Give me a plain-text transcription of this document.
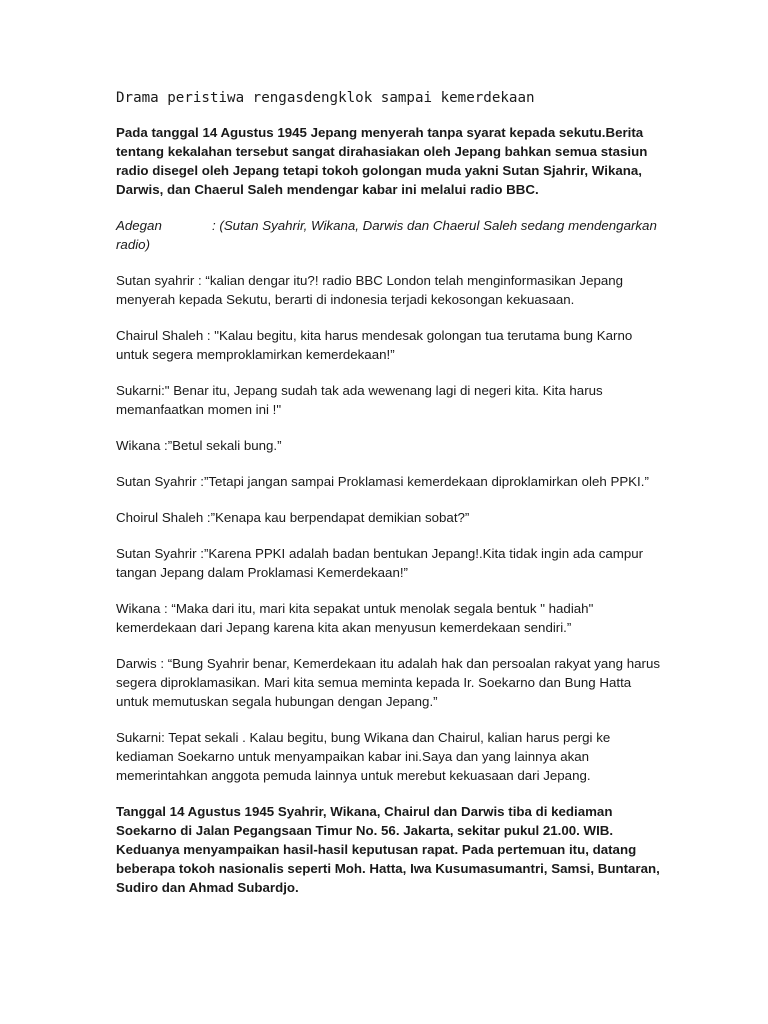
Drama peristiwa rengasdengklok sampai kemerdekaan

Pada tanggal 14 Agustus 1945 Jepang menyerah tanpa syarat kepada sekutu.Berita tentang kekalahan tersebut sangat dirahasiakan oleh Jepang bahkan semua stasiun radio disegel oleh Jepang tetapi tokoh golongan muda yakni Sutan Sjahrir, Wikana, Darwis, dan Chaerul Saleh mendengar kabar ini melalui radio BBC.

Adegan	: (Sutan Syahrir, Wikana, Darwis dan Chaerul Saleh sedang mendengarkan radio)

Sutan syahrir : “kalian dengar itu?! radio BBC London telah menginformasikan Jepang menyerah kepada Sekutu, berarti di indonesia terjadi kekosongan kekuasaan.

Chairul Shaleh : "Kalau begitu, kita harus mendesak golongan tua terutama bung Karno untuk segera memproklamirkan kemerdekaan!”

Sukarni:" Benar itu, Jepang sudah tak ada wewenang lagi di negeri kita. Kita harus memanfaatkan momen ini !"

Wikana :”Betul sekali bung.”

Sutan Syahrir :”Tetapi jangan sampai Proklamasi kemerdekaan diproklamirkan oleh PPKI.”

Choirul Shaleh :”Kenapa kau berpendapat demikian sobat?”

Sutan Syahrir :”Karena PPKI adalah badan bentukan Jepang!.Kita tidak ingin ada campur tangan Jepang dalam Proklamasi Kemerdekaan!”

Wikana : “Maka dari itu, mari kita sepakat untuk menolak segala bentuk " hadiah" kemerdekaan dari Jepang karena kita akan menyusun kemerdekaan sendiri.”

Darwis : “Bung Syahrir benar, Kemerdekaan itu adalah hak dan persoalan rakyat yang harus segera diproklamasikan. Mari kita semua meminta kepada Ir. Soekarno dan Bung Hatta untuk memutuskan segala hubungan dengan Jepang.”

Sukarni: Tepat sekali . Kalau begitu, bung Wikana dan Chairul, kalian harus pergi ke kediaman Soekarno untuk menyampaikan kabar ini.Saya dan yang lainnya akan memerintahkan anggota pemuda lainnya untuk merebut kekuasaan dari Jepang.

Tanggal 14 Agustus 1945 Syahrir, Wikana, Chairul dan Darwis tiba di kediaman Soekarno di Jalan Pegangsaan Timur No. 56. Jakarta, sekitar pukul 21.00. WIB. Keduanya menyampaikan hasil-hasil keputusan rapat. Pada pertemuan itu, datang beberapa tokoh nasionalis seperti Moh. Hatta, Iwa Kusumasumantri, Samsi, Buntaran, Sudiro dan Ahmad Subardjo.
